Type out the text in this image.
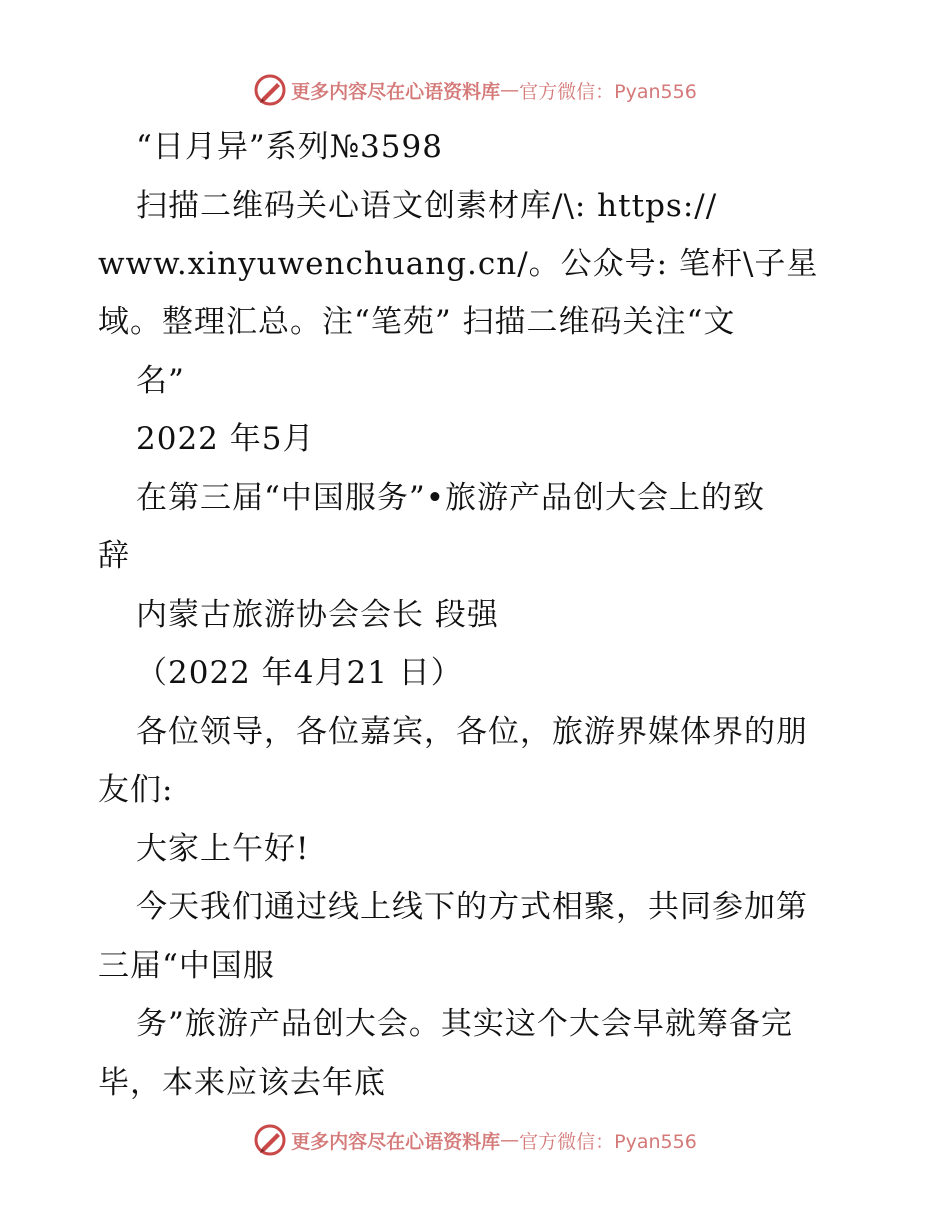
更多内容尽在心语资料库 — 官方微信：Pyan556
“日月异”系列№3598
扫描二维码关心语文创素材库/\: https://
www.xinyuwenchuang.cn/。公众号: 笔杆\子星
域。整理汇总。注“笔苑” 扫描二维码关注“文
名”
2022 年5月
在第三届“中国服务”•旅游产品创大会上的致
辞
内蒙古旅游协会会长 段强
（2022 年4月21 日）
各位领导，各位嘉宾，各位，旅游界媒体界的朋
友们:
大家上午好!
今天我们通过线上线下的方式相聚，共同参加第
三届“中国服
务”旅游产品创大会。其实这个大会早就筹备完
毕，本来应该去年底
更多内容尽在心语资料库 — 官方微信：Pyan556
